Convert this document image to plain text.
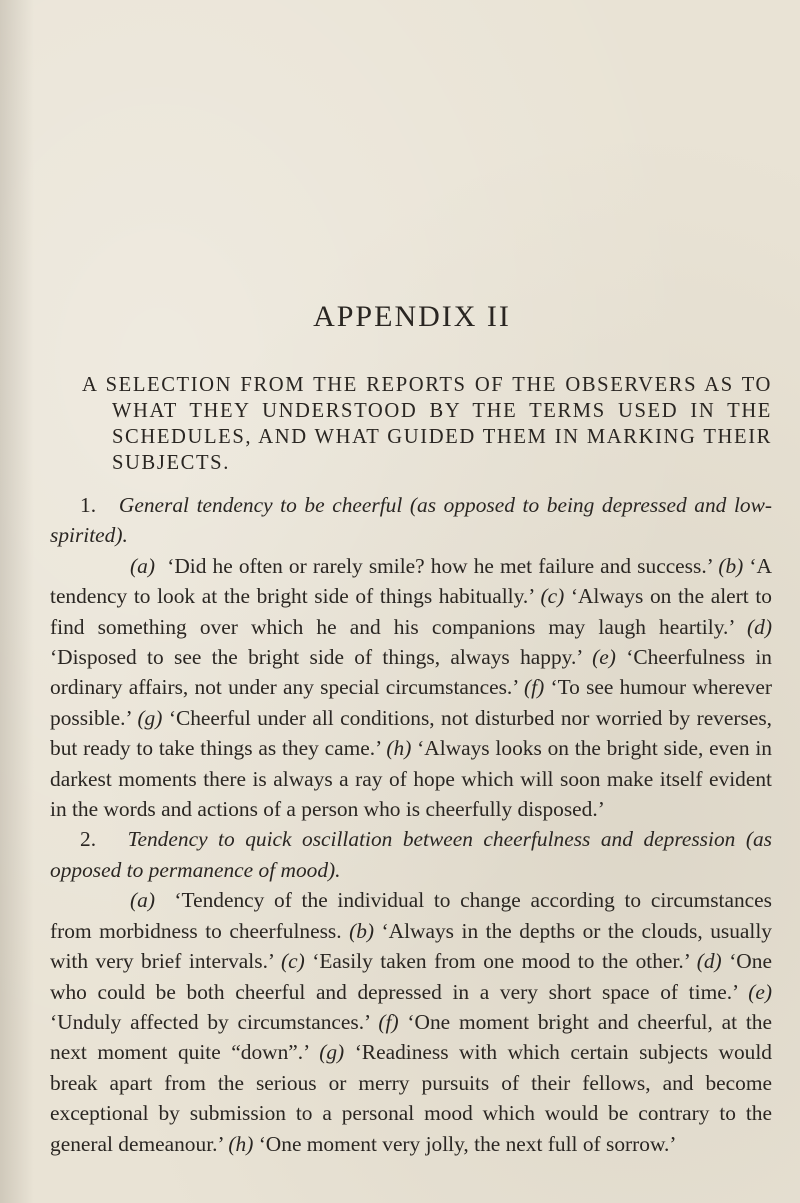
APPENDIX II
A SELECTION FROM THE REPORTS OF THE OBSERVERS AS TO WHAT THEY UNDERSTOOD BY THE TERMS USED IN THE SCHEDULES, AND WHAT GUIDED THEM IN MARKING THEIR SUBJECTS.

1. General tendency to be cheerful (as opposed to being depressed and low-spirited).

(a) ‘Did he often or rarely smile? how he met failure and success.’ (b) ‘A tendency to look at the bright side of things habitually.’ (c) ‘Always on the alert to find something over which he and his companions may laugh heartily.’ (d) ‘Disposed to see the bright side of things, always happy.’ (e) ‘Cheerfulness in ordinary affairs, not under any special circumstances.’ (f) ‘To see humour wherever possible.’ (g) ‘Cheerful under all conditions, not disturbed nor worried by reverses, but ready to take things as they came.’ (h) ‘Always looks on the bright side, even in darkest moments there is always a ray of hope which will soon make itself evident in the words and actions of a person who is cheerfully disposed.’

2. Tendency to quick oscillation between cheerfulness and depression (as opposed to permanence of mood).

(a) ‘Tendency of the individual to change according to circumstances from morbidness to cheerfulness. (b) ‘Always in the depths or the clouds, usually with very brief intervals.’ (c) ‘Easily taken from one mood to the other.’ (d) ‘One who could be both cheerful and depressed in a very short space of time.’ (e) ‘Unduly affected by circumstances.’ (f) ‘One moment bright and cheerful, at the next moment quite “down”.’ (g) ‘Readiness with which certain subjects would break apart from the serious or merry pursuits of their fellows, and become exceptional by submission to a personal mood which would be contrary to the general demeanour.’ (h) ‘One moment very jolly, the next full of sorrow.’
